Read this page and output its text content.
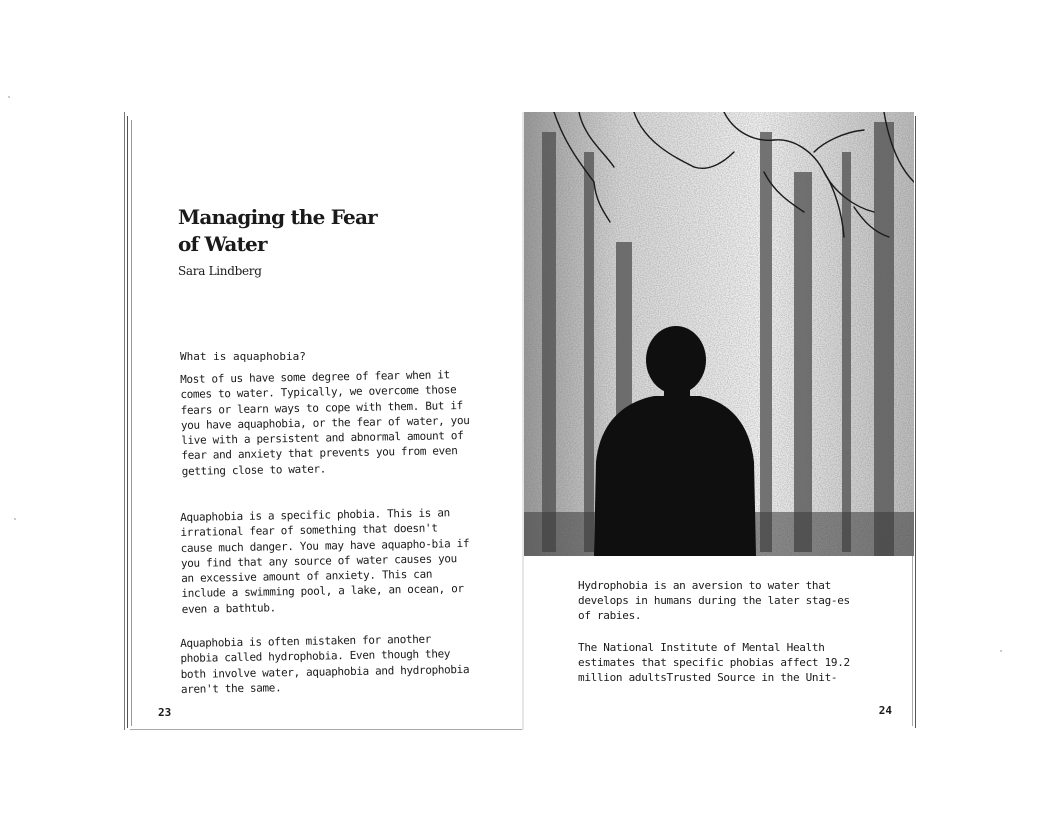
Managing the Fear of Water

Sara Lindberg

What is aquaphobia?

Most of us have some degree of fear when it comes to water. Typically, we overcome those fears or learn ways to cope with them. But if you have aquaphobia, or the fear of water, you live with a persistent and abnormal amount of fear and anxiety that prevents you from even getting close to water.

Aquaphobia is a specific phobia. This is an irrational fear of something that doesn't cause much danger. You may have aquapho-bia if you find that any source of water causes you an excessive amount of anxiety. This can include a swimming pool, a lake, an ocean, or even a bathtub.

Aquaphobia is often mistaken for another phobia called hydrophobia. Even though they both involve water, aquaphobia and hydrophobia aren't the same.

23

Hydrophobia is an aversion to water that develops in humans during the later stag-es of rabies.

The National Institute of Mental Health estimates that specific phobias affect 19.2 million adultsTrusted Source in the Unit-

24
